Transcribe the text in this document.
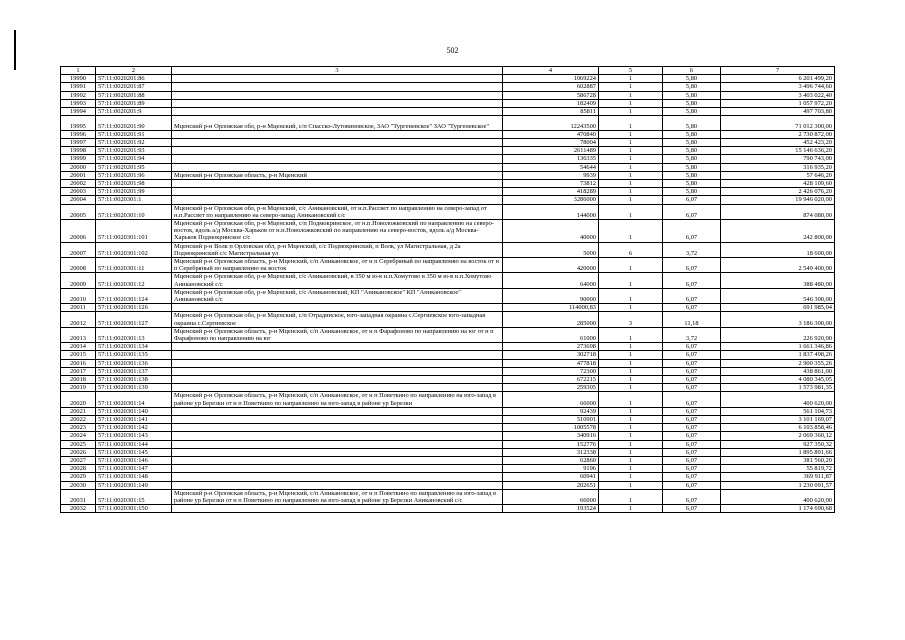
502
1	2	3	4	5	6	7
19990	57:11:0020201:86		1069224	1	5,80	6 201 499,20
19991	57:11:0020201:87		602887	1	5,80	3 496 744,60
19992	57:11:0020201:88		586728	1	5,80	3 403 022,40
19993	57:11:0020201:89		182409	1	5,80	1 057 972,20
19994	57:11:0020201:9		85811	1	5,80	497 703,80
19995	57:11:0020201:90	Мценский р-н Орловская обл, р-н Мценский, с/п Спасско-Лутовиновское, ЗАО "Тургеневское" ЗАО "Тургеневское"	12243500	1	5,80	71 012 300,00
19996	57:11:0020201:91		470840	1	5,80	2 730 872,00
19997	57:11:0020201:92		78004	1	5,80	452 423,20
19998	57:11:0020201:93		2611489	1	5,80	15 146 636,20
19999	57:11:0020201:94		136335	1	5,80	790 743,00
20000	57:11:0020201:95		54644	1	5,80	316 935,20
20001	57:11:0020201:96	Мценский р-н Орловская область, р-н Мценский	9939	1	5,80	57 646,20
20002	57:11:0020201:98		73812	1	5,80	428 109,60
20003	57:11:0020201:99		418289	1	5,80	2 426 076,20
20004	57:11:0020301:1		3286000	1	6,07	19 946 020,00
20005	57:11:0020301:10	Мценский р-н Орловская обл, р-н Мценский, с/с Аникановский, от н.п.Рассвет по направлению на северо-запад от н.п.Рассвет по направлению на северо-запад Аникановский с/с	144000	1	6,07	874 080,00
20006	57:11:0020301:101	Мценский р-н Орловская обл, р-н Мценский, с/п Подмокринское, от н.п.Новоложковский по направлению на северо-восток, вдоль а/д Москва-Харьков от н.п.Новоложковский по направлению на северо-восток, вдоль а/д Москва-Харьков Подмокринское с/с	40000	1	6,07	242 800,00
20007	57:11:0020301:102	Мценский р-н Волк п Орловская обл, р-н Мценский, с/с Подмокринский, п Волк, ул Магистральная, д 2а Подмокринский с/с Магистральная ул	5000	6	3,72	18 600,00
20008	57:11:0020301:11	Мценский р-н Орловская область, р-н Мценский, с/п Аникановское, от н п Серебряный по направлению на восток от н п Серебряный по направлению на восток	420000	1	6,07	2 549 400,00
20009	57:11:0020301:12	Мценский р-н Орловская обл, р-н Мценский, с/с Аникановский, в 350 м ю-в н.п.Хомутово в 350 м ю-в н.п.Хомутово Аникановский с/с	64000	1	6,07	388 480,00
20010	57:11:0020301:124	Мценский р-н Орловская обл, р-н Мценский, с/с Аникановский, КП "Аникановское" КП "Аникановское" Аникановский с/с	90000	1	6,07	546 300,00
20011	57:11:0020301:126		114000,83	1	6,07	691 985,04
20012	57:11:0020301:127	Мценский р-н Орловская обл, р-н Мценский, с/п Отрадинское, юго-западная окраина с.Сергиевское юго-западная окраина с.Сергиевское	285000	3	11,18	3 186 300,00
20013	57:11:0020301:13	Мценский р-н Орловская область, р-н Мценский, с/п Аникановское, от н п Фарафоново по направлению на юг от н п Фарафоново по направлению на юг	61000	1	3,72	226 920,00
20014	57:11:0020301:134		273698	1	6,07	1 661 346,86
20015	57:11:0020301:135		302718	1	6,07	1 837 498,26
20016	57:11:0020301:136		477818	1	6,07	2 900 355,26
20017	57:11:0020301:137		72300	1	6,07	438 861,00
20018	57:11:0020301:138		672215	1	6,07	4 080 345,05
20019	57:11:0020301:139		259305	1	6,07	1 573 981,35
20020	57:11:0020301:14	Мценский р-н Орловская область, р-н Мценский, с/п Аникановское, от н п Поветкино по направлению на юго-запад в районе ур Березки от н п Поветкино по направлению на юго-запад в районе ур Березки	66000	1	6,07	400 620,00
20021	57:11:0020301:140		92439	1	6,07	561 104,73
20022	57:11:0020301:141		510901	1	6,07	3 101 169,07
20023	57:11:0020301:142		1005578	1	6,07	6 103 858,46
20024	57:11:0020301:143		340916	1	6,07	2 069 360,12
20025	57:11:0020301:144		152776	1	6,07	927 350,32
20026	57:11:0020301:145		312338	1	6,07	1 895 891,66
20027	57:11:0020301:146		62860	1	6,07	381 560,20
20028	57:11:0020301:147		9196	1	6,07	55 819,72
20029	57:11:0020301:148		60941	1	6,07	369 911,87
20030	57:11:0020301:149		202651	1	6,07	1 230 091,57
20031	57:11:0020301:15	Мценский р-н Орловская область, р-н Мценский, с/п Аникановское, от н п Поветкино по направлению на юго-запад в районе ур Березки от н п Поветкино по направлению на юго-запад в районе ур Березки Аникановский с/с	66000	1	6,07	400 620,00
20032	57:11:0020301:150		193524	1	6,07	1 174 690,68
